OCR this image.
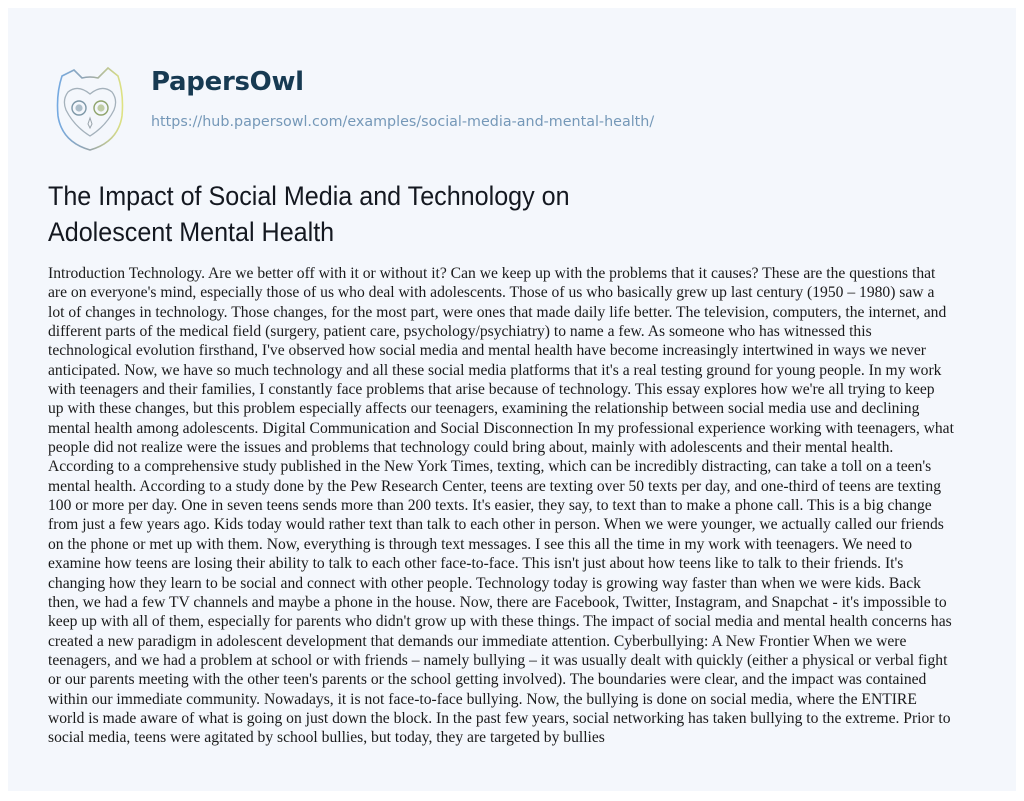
PapersOwl
https://hub.papersowl.com/examples/social-media-and-mental-health/
The Impact of Social Media and Technology on
Adolescent Mental Health
Introduction Technology. Are we better off with it or without it? Can we keep up with the problems that it causes? These are the questions that
are on everyone's mind, especially those of us who deal with adolescents. Those of us who basically grew up last century (1950 – 1980) saw a
lot of changes in technology. Those changes, for the most part, were ones that made daily life better. The television, computers, the internet, and
different parts of the medical field (surgery, patient care, psychology/psychiatry) to name a few. As someone who has witnessed this
technological evolution firsthand, I've observed how social media and mental health have become increasingly intertwined in ways we never
anticipated. Now, we have so much technology and all these social media platforms that it's a real testing ground for young people. In my work
with teenagers and their families, I constantly face problems that arise because of technology. This essay explores how we're all trying to keep
up with these changes, but this problem especially affects our teenagers, examining the relationship between social media use and declining
mental health among adolescents. Digital Communication and Social Disconnection In my professional experience working with teenagers, what
people did not realize were the issues and problems that technology could bring about, mainly with adolescents and their mental health.
According to a comprehensive study published in the New York Times, texting, which can be incredibly distracting, can take a toll on a teen's
mental health. According to a study done by the Pew Research Center, teens are texting over 50 texts per day, and one-third of teens are texting
100 or more per day. One in seven teens sends more than 200 texts. It's easier, they say, to text than to make a phone call. This is a big change
from just a few years ago. Kids today would rather text than talk to each other in person. When we were younger, we actually called our friends
on the phone or met up with them. Now, everything is through text messages. I see this all the time in my work with teenagers. We need to
examine how teens are losing their ability to talk to each other face-to-face. This isn't just about how teens like to talk to their friends. It's
changing how they learn to be social and connect with other people. Technology today is growing way faster than when we were kids. Back
then, we had a few TV channels and maybe a phone in the house. Now, there are Facebook, Twitter, Instagram, and Snapchat - it's impossible to
keep up with all of them, especially for parents who didn't grow up with these things. The impact of social media and mental health concerns has
created a new paradigm in adolescent development that demands our immediate attention. Cyberbullying: A New Frontier When we were
teenagers, and we had a problem at school or with friends – namely bullying – it was usually dealt with quickly (either a physical or verbal fight
or our parents meeting with the other teen's parents or the school getting involved). The boundaries were clear, and the impact was contained
within our immediate community. Nowadays, it is not face-to-face bullying. Now, the bullying is done on social media, where the ENTIRE
world is made aware of what is going on just down the block. In the past few years, social networking has taken bullying to the extreme. Prior to
social media, teens were agitated by school bullies, but today, they are targeted by bullies
